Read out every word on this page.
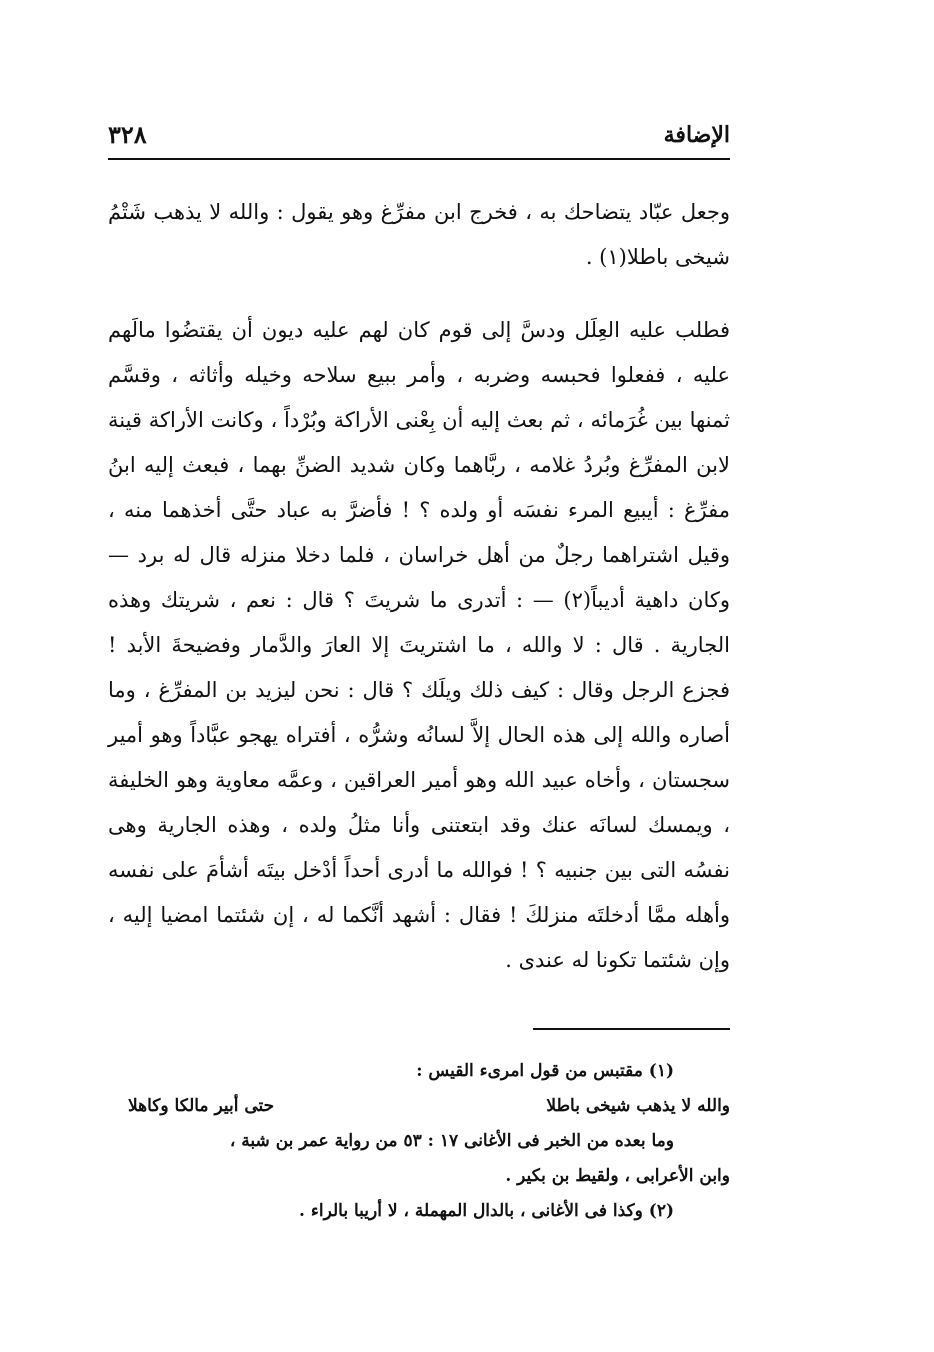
الإضافة
٣٢٨

وجعل عبّاد يتضاحك به ، فخرج ابن مفرِّغ وهو يقول : والله لا يذهب شَتْمُ شيخى باطلا(١) .

فطلب عليه العِلَل ودسَّ إلى قوم كان لهم عليه ديون أن يقتضُوا مالَهم عليه ، ففعلوا فحبسه وضربه ، وأمر ببيع سلاحه وخيله وأثاثه ، وقسَّم ثمنها بين غُرَمائه ، ثم بعث إليه أن بِعْنى الأراكة وبُرْداً ، وكانت الأراكة قينة لابن المفرِّغ وبُردُ غلامه ، ربَّاهما وكان شديد الضنِّ بهما ، فبعث إليه ابنُ مفرِّغ : أيبيع المرء نفسَه أو ولده ؟ ! فأضرَّ به عباد حتَّى أخذهما منه ، وقيل اشتراهما رجلٌ من أهل خراسان ، فلما دخلا منزله قال له برد — وكان داهية أديباً(٢) — : أتدرى ما شريتَ ؟ قال : نعم ، شريتك وهذه الجارية . قال : لا والله ، ما اشتريتَ إلا العارَ والدَّمار وفضيحةَ الأبد ! فجزع الرجل وقال : كيف ذلك ويلَك ؟ قال : نحن ليزيد بن المفرِّغ ، وما أصاره والله إلى هذه الحال إلاَّ لسانُه وشرُّه ، أفتراه يهجو عبَّاداً وهو أمير سجستان ، وأخاه عبيد الله وهو أمير العراقين ، وعمَّه معاوية وهو الخليفة ، ويمسك لسانَه عنك وقد ابتعتنى وأنا مثلُ ولده ، وهذه الجارية وهى نفسُه التى بين جنبيه ؟ ! فوالله ما أدرى أحداً أدْخل بيتَه أشأمَ على نفسه وأهله ممَّا أدخلتَه منزلكَ ! فقال : أشهد أنَّكما له ، إن شئتما امضيا إليه ، وإن شئتما تكونا له عندى .

(١) مقتبس من قول امرىء القيس :

والله لا يذهب شيخى باطلا
حتى أبير مالكا وكاهلا

وما بعده من الخبر فى الأغانى ١٧ : ٥٣ من رواية عمر بن شبة ،

وابن الأعرابى ، ولقيط بن بكير .

(٢) وكذا فى الأغانى ، بالدال المهملة ، لا أريبا بالراء .
